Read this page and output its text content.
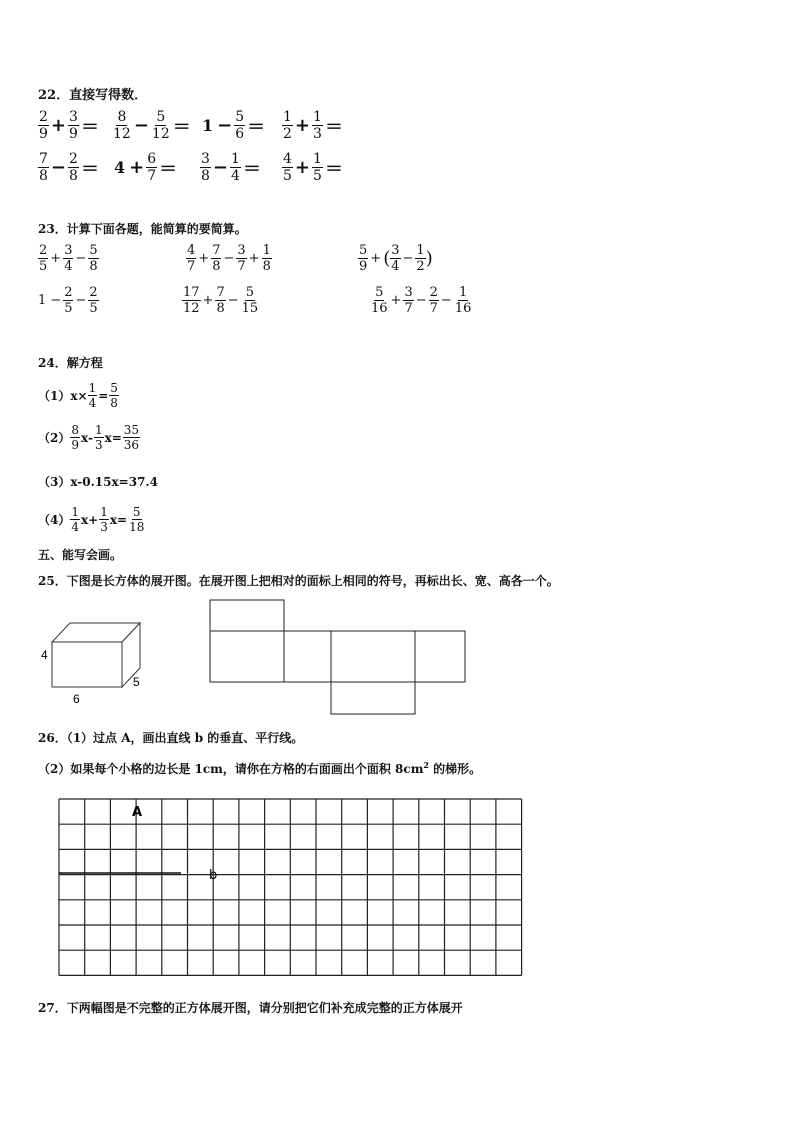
22．直接写得数．
$\frac{2}{9} + \frac{3}{9} = \frac{8}{12} - \frac{5}{12} = 1 - \frac{5}{6} = \frac{1}{2} + \frac{1}{3}$ ＝
$\frac{7}{8} - \frac{2}{8} = 4 + \frac{6}{7} = \frac{3}{8} - \frac{1}{4} = \frac{4}{5} + \frac{1}{5}$ ＝
23．计算下面各题，能简算的要简算。
$\frac{2}{5} + \frac{3}{4} - \frac{5}{8}$	$\frac{4}{7} + \frac{7}{8} - \frac{3}{7} + \frac{1}{8}$	$\frac{5}{9}$ + ( $\frac{3}{4} - \frac{1}{2}$ )
$1 - \frac{2}{5} - \frac{2}{5}$	$\frac{17}{12} + \frac{7}{8} - \frac{5}{15}$	$\frac{5}{16} + \frac{3}{7} - \frac{2}{7} - \frac{1}{16}$
24．解方程
（1） $x\times \frac{1}{4} = \frac{5}{8}$
$(2) \frac{8}{9} x- \frac{1}{3} x= \frac{35}{36}$
（3） x-0.15x=37.4
$(4) \frac{1}{4} x+ \frac{1}{3} x= \frac{5}{18}$
五、能写会画。
25．下图是长方体的展开图。在展开图上把相对的面标上相同的符号，再标出长、宽、高各一个。
4
6
5
26．（1）过点 A，画出直线 b 的垂直、平行线。
（2）如果每个小格的边长是 1cm，请你在方格的右面画出个面积 $8cm^2$ 的梯形。
A
b
27．下两幅图是不完整的正方体展开图，请分别把它们补充成完整的正方体展开
